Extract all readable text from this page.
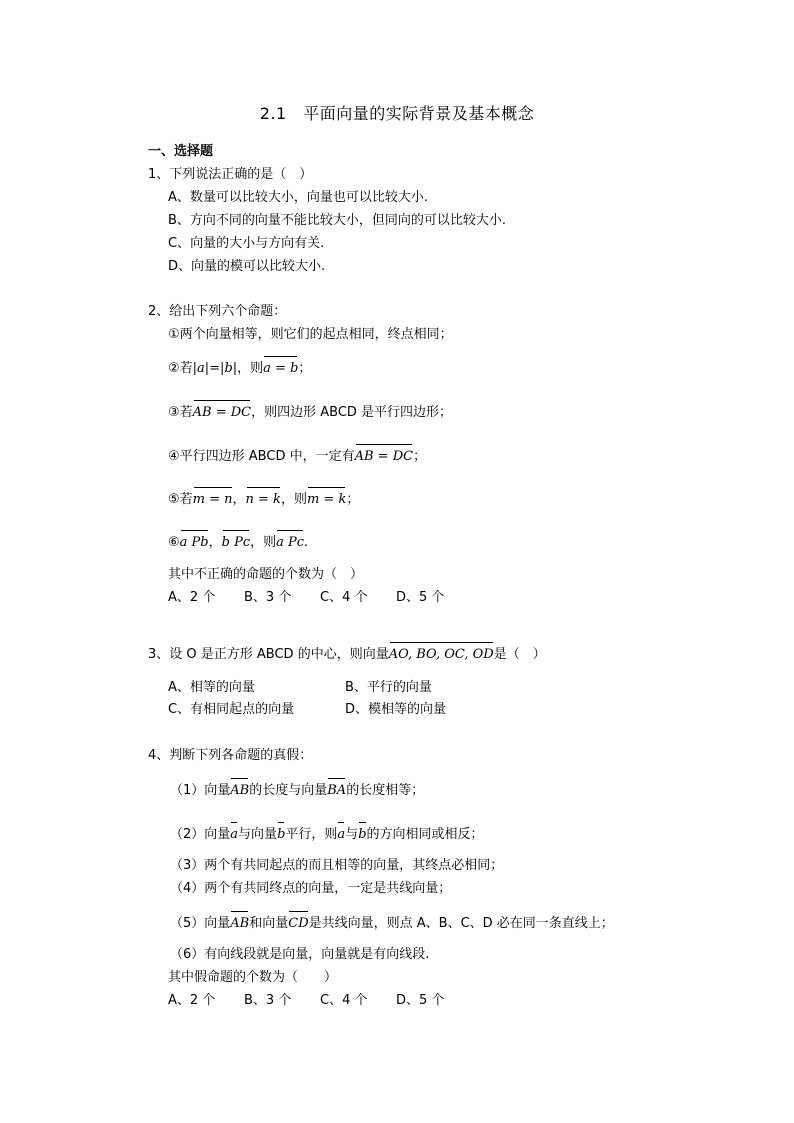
2.1　平面向量的实际背景及基本概念
一、选择题
1、下列说法正确的是（　）
A、数量可以比较大小，向量也可以比较大小.
B、方向不同的向量不能比较大小，但同向的可以比较大小.
C、向量的大小与方向有关.
D、向量的模可以比较大小.
2、给出下列六个命题：
①两个向量相等，则它们的起点相同，终点相同；
②若|a|=|b|，则a = b；
③若AB = DC，则四边形 ABCD 是平行四边形；
④平行四边形 ABCD 中，一定有AB = DC；
⑤若m = n，n = k，则m = k；
⑥a Pb，b Pc，则a Pc.
其中不正确的命题的个数为（　）
A、2 个 B、3 个 C、4 个 D、5 个
3、设 O 是正方形 ABCD 的中心，则向量AO, BO, OC, OD是（　）
A、相等的向量	B、平行的向量
C、有相同起点的向量	D、模相等的向量
4、判断下列各命题的真假：
（1）向量AB的长度与向量BA的长度相等；
（2）向量a与向量b平行，则a与b的方向相同或相反；
（3）两个有共同起点的而且相等的向量，其终点必相同；
（4）两个有共同终点的向量，一定是共线向量；
（5）向量AB和向量CD是共线向量，则点 A、B、C、D 必在同一条直线上；
（6）有向线段就是向量，向量就是有向线段.
其中假命题的个数为（　　）
A、2 个 B、3 个 C、4 个 D、5 个
